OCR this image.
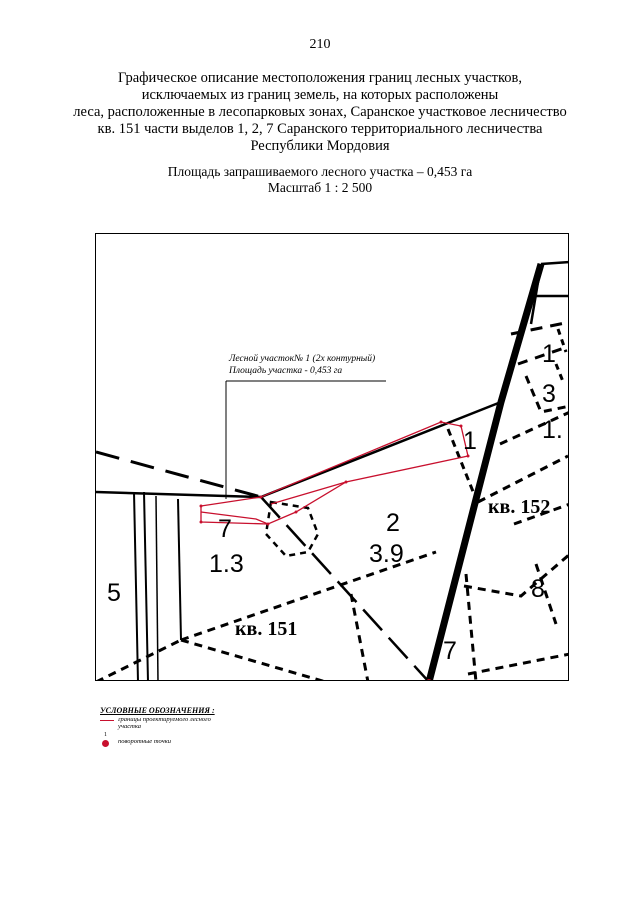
210
Графическое описание местоположения границ лесных участков,
исключаемых из границ земель, на которых расположены
леса, расположенные в лесопарковых зонах, Саранское участковое лесничество
кв. 151 части выделов 1, 2, 7 Саранского территориального лесничества
Республики Мордовия
Площадь запрашиваемого лесного участка – 0,453 га
Масштаб 1 : 2 500
Лесной участок№ 1 (2х контурный)
Площадь участка - 0,453 га
1
3
1.
1
кв. 152
2
3.9
7
1.3
5
кв. 151
8
7
УСЛОВНЫЕ ОБОЗНАЧЕНИЯ :
границы проектируемого лесного участка
1
поворотные точки
